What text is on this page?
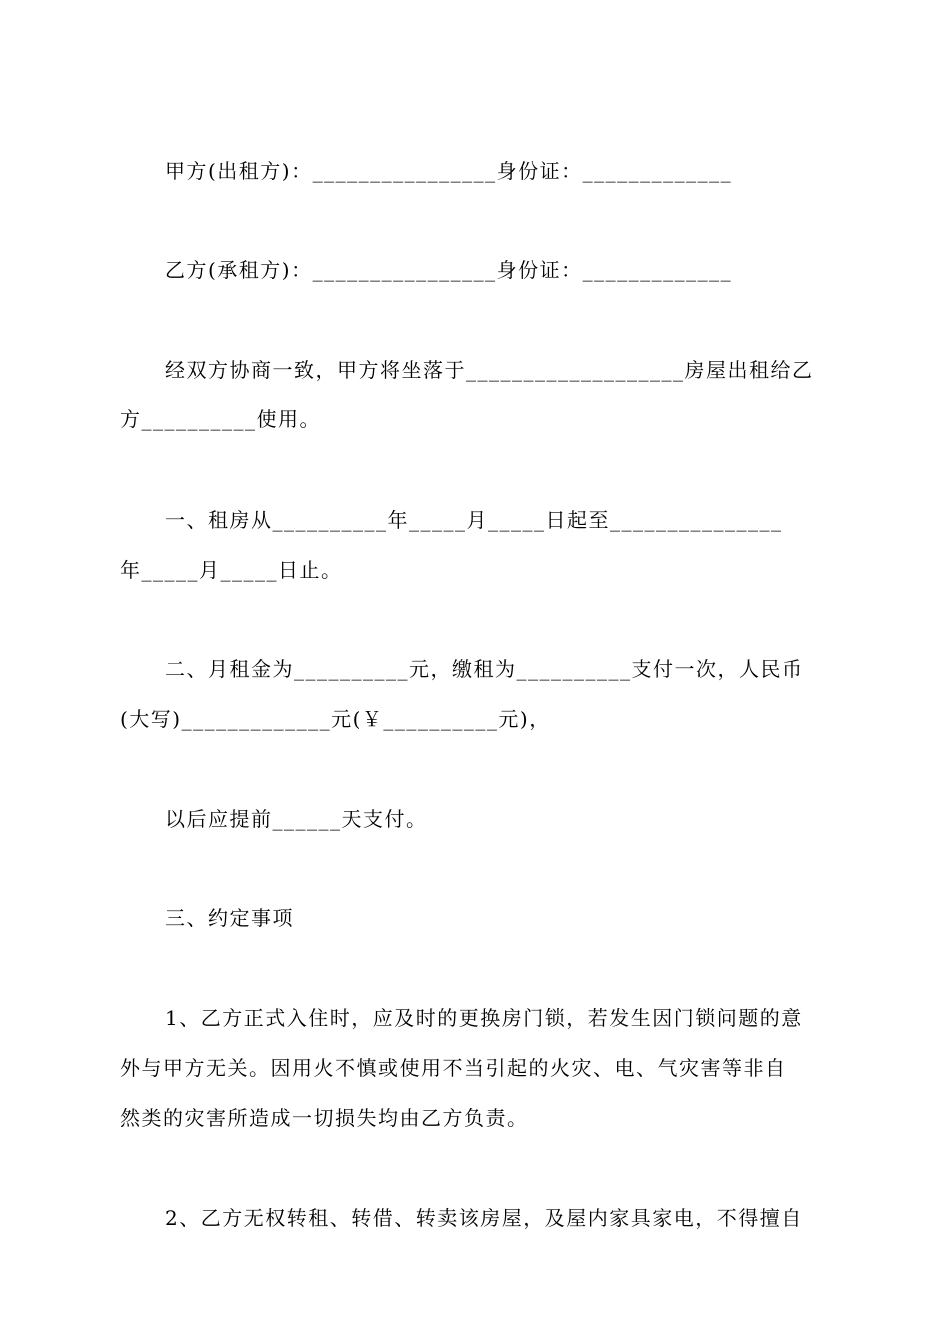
甲方(出租方)：________________身份证：_____________
乙方(承租方)：________________身份证：_____________
经双方协商一致，甲方将坐落于___________________房屋出租给乙
方__________使用。
一、租房从__________年_____月_____日起至_______________
年_____月_____日止。
二、月租金为__________元，缴租为__________支付一次，人民币
(大写)_____________元(￥__________元)，
以后应提前______天支付。
三、约定事项
1、乙方正式入住时，应及时的更换房门锁，若发生因门锁问题的意
外与甲方无关。因用火不慎或使用不当引起的火灾、电、气灾害等非自
然类的灾害所造成一切损失均由乙方负责。
2、乙方无权转租、转借、转卖该房屋，及屋内家具家电，不得擅自
